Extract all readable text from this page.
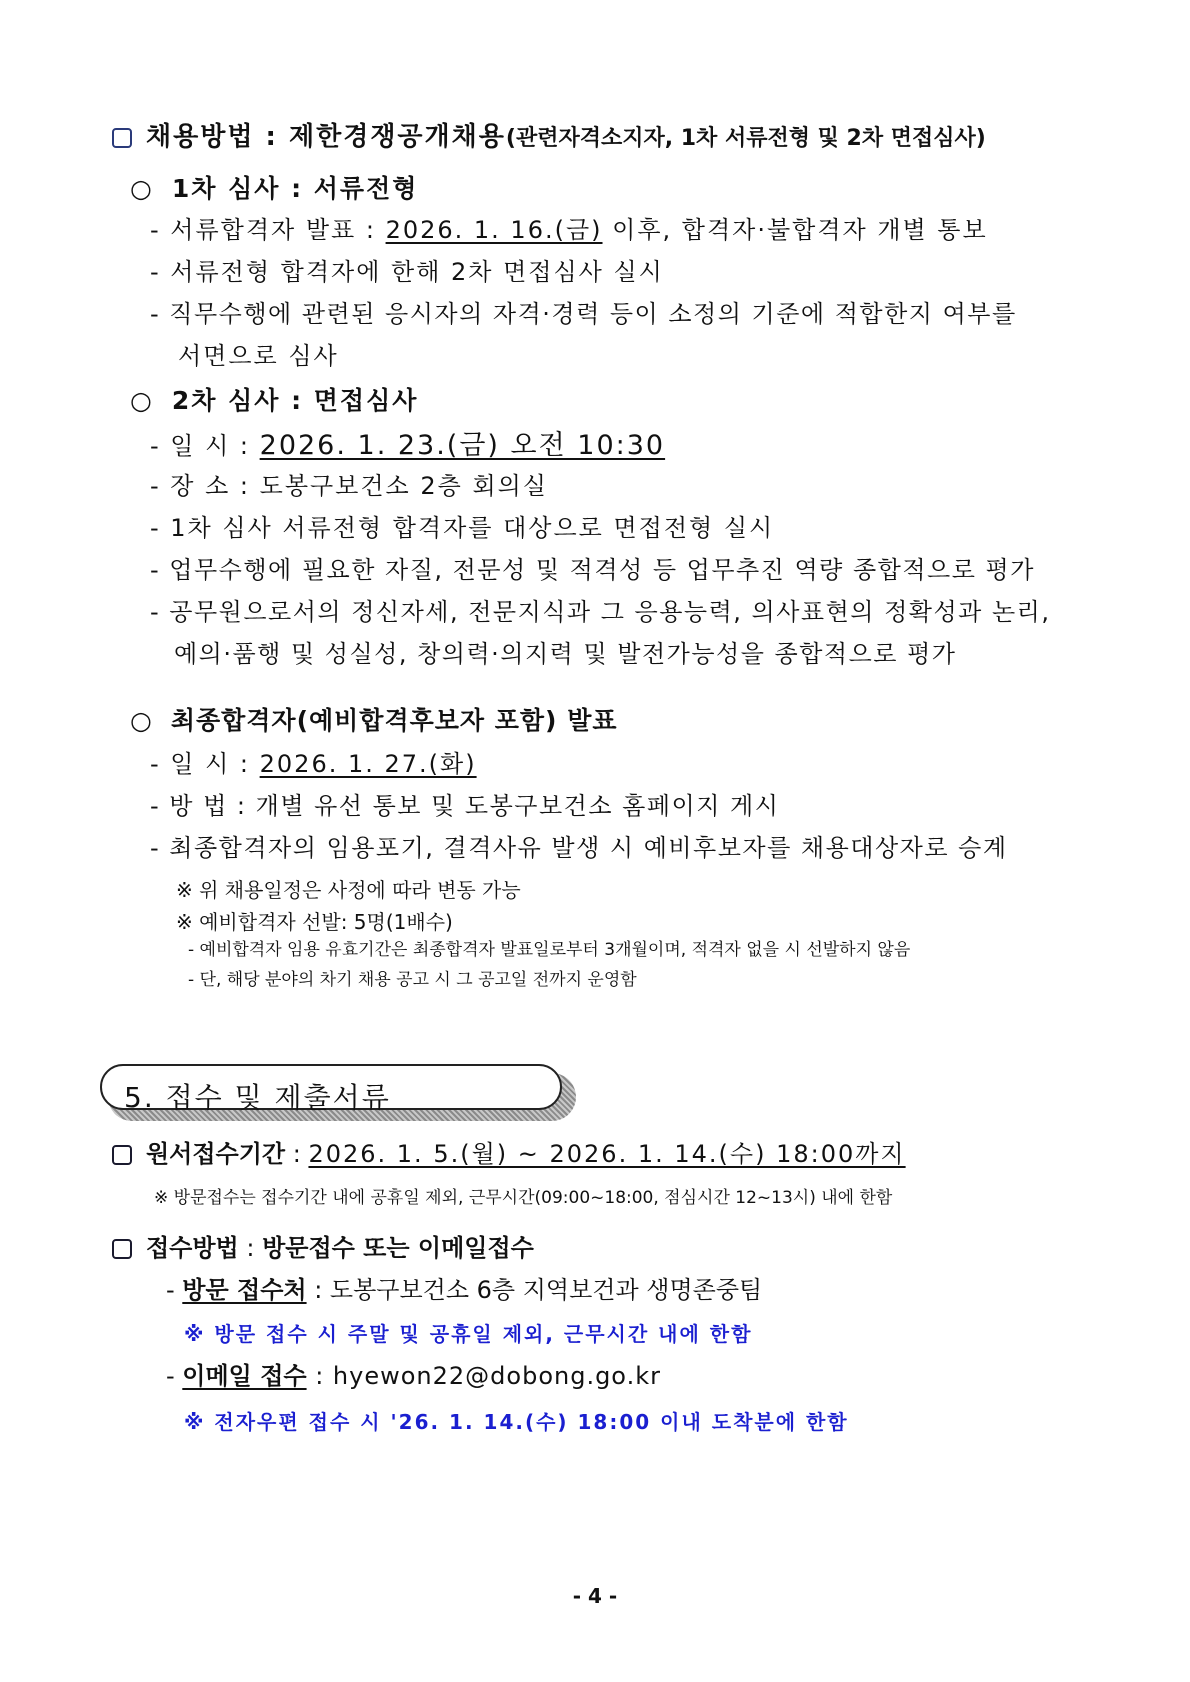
채용방법 : 제한경쟁공개채용(관련자격소지자, 1차 서류전형 및 2차 면접심사)
○ 1차 심사 : 서류전형
- 서류합격자 발표 : 2026. 1. 16.(금) 이후, 합격자·불합격자 개별 통보
- 서류전형 합격자에 한해 2차 면접심사 실시
- 직무수행에 관련된 응시자의 자격·경력 등이 소정의 기준에 적합한지 여부를
서면으로 심사
○ 2차 심사 : 면접심사
- 일 시 : 2026. 1. 23.(금) 오전 10:30
- 장 소 : 도봉구보건소 2층 회의실
- 1차 심사 서류전형 합격자를 대상으로 면접전형 실시
- 업무수행에 필요한 자질, 전문성 및 적격성 등 업무추진 역량 종합적으로 평가
- 공무원으로서의 정신자세, 전문지식과 그 응용능력, 의사표현의 정확성과 논리,
예의·품행 및 성실성, 창의력·의지력 및 발전가능성을 종합적으로 평가
○ 최종합격자(예비합격후보자 포함) 발표
- 일 시 : 2026. 1. 27.(화)
- 방 법 : 개별 유선 통보 및 도봉구보건소 홈페이지 게시
- 최종합격자의 임용포기, 결격사유 발생 시 예비후보자를 채용대상자로 승계
※ 위 채용일정은 사정에 따라 변동 가능
※ 예비합격자 선발: 5명(1배수)
- 예비합격자 임용 유효기간은 최종합격자 발표일로부터 3개월이며, 적격자 없을 시 선발하지 않음
- 단, 해당 분야의 차기 채용 공고 시 그 공고일 전까지 운영함
5. 접수 및 제출서류
원서접수기간 : 2026. 1. 5.(월) ~ 2026. 1. 14.(수) 18:00까지
※ 방문접수는 접수기간 내에 공휴일 제외, 근무시간(09:00~18:00, 점심시간 12~13시) 내에 한함
접수방법 : 방문접수 또는 이메일접수
- 방문 접수처 : 도봉구보건소 6층 지역보건과 생명존중팀
※ 방문 접수 시 주말 및 공휴일 제외, 근무시간 내에 한함
- 이메일 접수 : hyewon22@dobong.go.kr
※ 전자우편 접수 시 '26. 1. 14.(수) 18:00 이내 도착분에 한함
- 4 -
